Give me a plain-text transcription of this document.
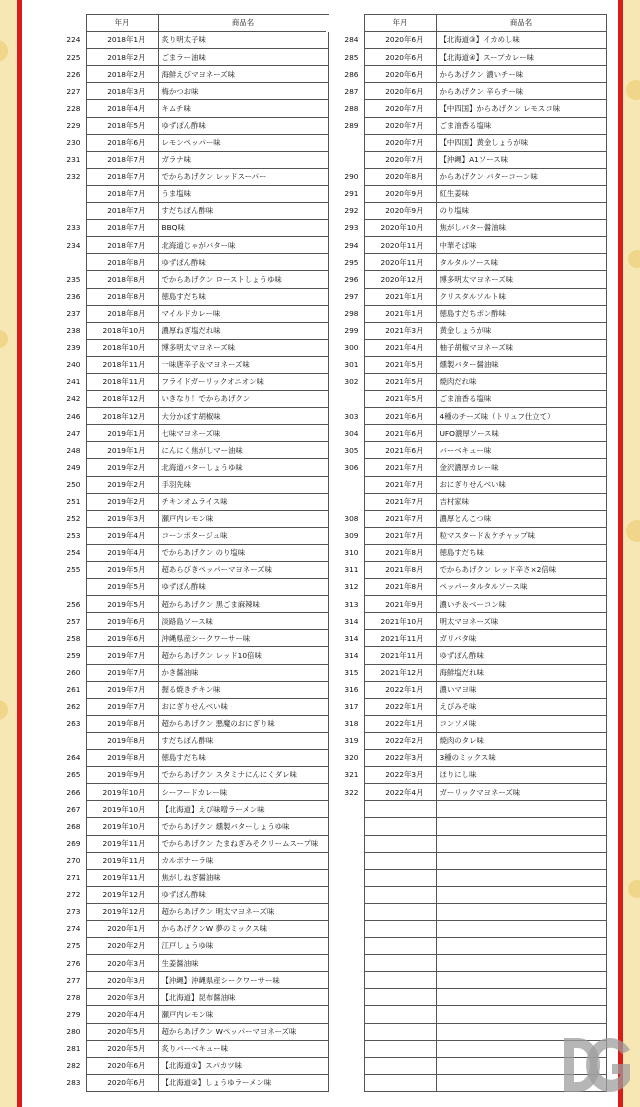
	年月	商品名
224	2018年1月	炙り明太子味
225	2018年2月	ごまラー油味
226	2018年2月	海鮮えびマヨネーズ味
227	2018年3月	梅かつお味
228	2018年4月	キムチ味
229	2018年5月	ゆずぽん酢味
230	2018年6月	レモンペッパー味
231	2018年7月	ガラナ味
232	2018年7月	でからあげクン レッドスーパー
	2018年7月	うま塩味
	2018年7月	すだちぽん酢味
233	2018年7月	BBQ味
234	2018年7月	北海道じゃがバター味
	2018年8月	ゆずぽん酢味
235	2018年8月	でからあげクン ローストしょうゆ味
236	2018年8月	徳島すだち味
237	2018年8月	マイルドカレー味
238	2018年10月	濃厚ねぎ塩だれ味
239	2018年10月	博多明太マヨネーズ味
240	2018年11月	一味唐辛子＆マヨネーズ味
241	2018年11月	フライドガーリックオニオン味
242	2018年12月	いきなり！でからあげクン
246	2018年12月	大分かぼす胡椒味
247	2019年1月	七味マヨネーズ味
248	2019年1月	にんにく焦がしマー油味
249	2019年2月	北海道バターしょうゆ味
250	2019年2月	手羽先味
251	2019年2月	チキンオムライス味
252	2019年3月	瀬戸内レモン味
253	2019年4月	コーンポタージュ味
254	2019年4月	でからあげクン のり塩味
255	2019年5月	超あらびきペッパーマヨネーズ味
	2019年5月	ゆずぽん酢味
256	2019年5月	超からあげクン 黒ごま麻辣味
257	2019年6月	淡路島ソース味
258	2019年6月	沖縄県産シークワーサー味
259	2019年7月	超からあげクン レッド10倍味
260	2019年7月	かき醤油味
261	2019年7月	握る焼きチキン味
262	2019年7月	おにぎりせんべい味
263	2019年8月	超からあげクン 悪魔のおにぎり味
	2019年8月	すだちぽん酢味
264	2019年8月	徳島すだち味
265	2019年9月	でからあげクン スタミナにんにくダレ味
266	2019年10月	シーフードカレー味
267	2019年10月	【北海道】えび味噌ラーメン味
268	2019年10月	でからあげクン 燻製バターしょうゆ味
269	2019年11月	でからあげクン たまねぎみそクリームスープ味
270	2019年11月	カルボナーラ味
271	2019年11月	焦がしねぎ醤油味
272	2019年12月	ゆずぽん酢味
273	2019年12月	超からあげクン 明太マヨネーズ味
274	2020年1月	からあげクンW 夢のミックス味
275	2020年2月	江戸しょうゆ味
276	2020年3月	生姜醤油味
277	2020年3月	【沖縄】沖縄県産シークワーサー味
278	2020年3月	【北海道】昆布醤油味
279	2020年4月	瀬戸内レモン味
280	2020年5月	超からあげクン Wペッパーマヨネーズ味
281	2020年5月	炙りバーベキュー味
282	2020年6月	【北海道①】スパカツ味
283	2020年6月	【北海道②】しょうゆラーメン味
	年月	商品名
284	2020年6月	【北海道③】イカめし味
285	2020年6月	【北海道④】スープカレー味
286	2020年6月	からあげクン 濃いチー味
287	2020年6月	からあげクン 辛らチー味
288	2020年7月	【中四国】からあげクン レモスコ味
289	2020年7月	ごま油香る塩味
	2020年7月	【中四国】黄金しょうが味
	2020年7月	【沖縄】A1ソース味
290	2020年8月	からあげクン バターコーン味
291	2020年9月	紅生姜味
292	2020年9月	のり塩味
293	2020年10月	焦がしバター醤油味
294	2020年11月	中華そば味
295	2020年11月	タルタルソース味
296	2020年12月	博多明太マヨネーズ味
297	2021年1月	クリスタルソルト味
298	2021年1月	徳島すだちポン酢味
299	2021年3月	黄金しょうが味
300	2021年4月	柚子胡椒マヨネーズ味
301	2021年5月	燻製バター醤油味
302	2021年5月	焼肉だれ味
	2021年5月	ごま油香る塩味
303	2021年6月	4種のチーズ味（トリュフ仕立て）
304	2021年6月	UFO濃厚ソース味
305	2021年6月	バーベキュー味
306	2021年7月	金沢濃厚カレー味
	2021年7月	おにぎりせんべい味
	2021年7月	吉村家味
308	2021年7月	濃厚とんこつ味
309	2021年7月	粒マスタード＆ケチャップ味
310	2021年8月	徳島すだち味
311	2021年8月	でからあげクン レッド辛さ×2倍味
312	2021年8月	ペッパータルタルソース味
313	2021年9月	濃いチ＆ベーコン味
314	2021年10月	明太マヨネーズ味
314	2021年11月	ガリバタ味
314	2021年11月	ゆずぽん酢味
315	2021年12月	海鮮塩だれ味
316	2022年1月	濃いマヨ味
317	2022年1月	えびみそ味
318	2022年1月	コンソメ味
319	2022年2月	焼肉のタレ味
320	2022年3月	3種のミックス味
321	2022年3月	ほりにし味
322	2022年4月	ガーリックマヨネーズ味
